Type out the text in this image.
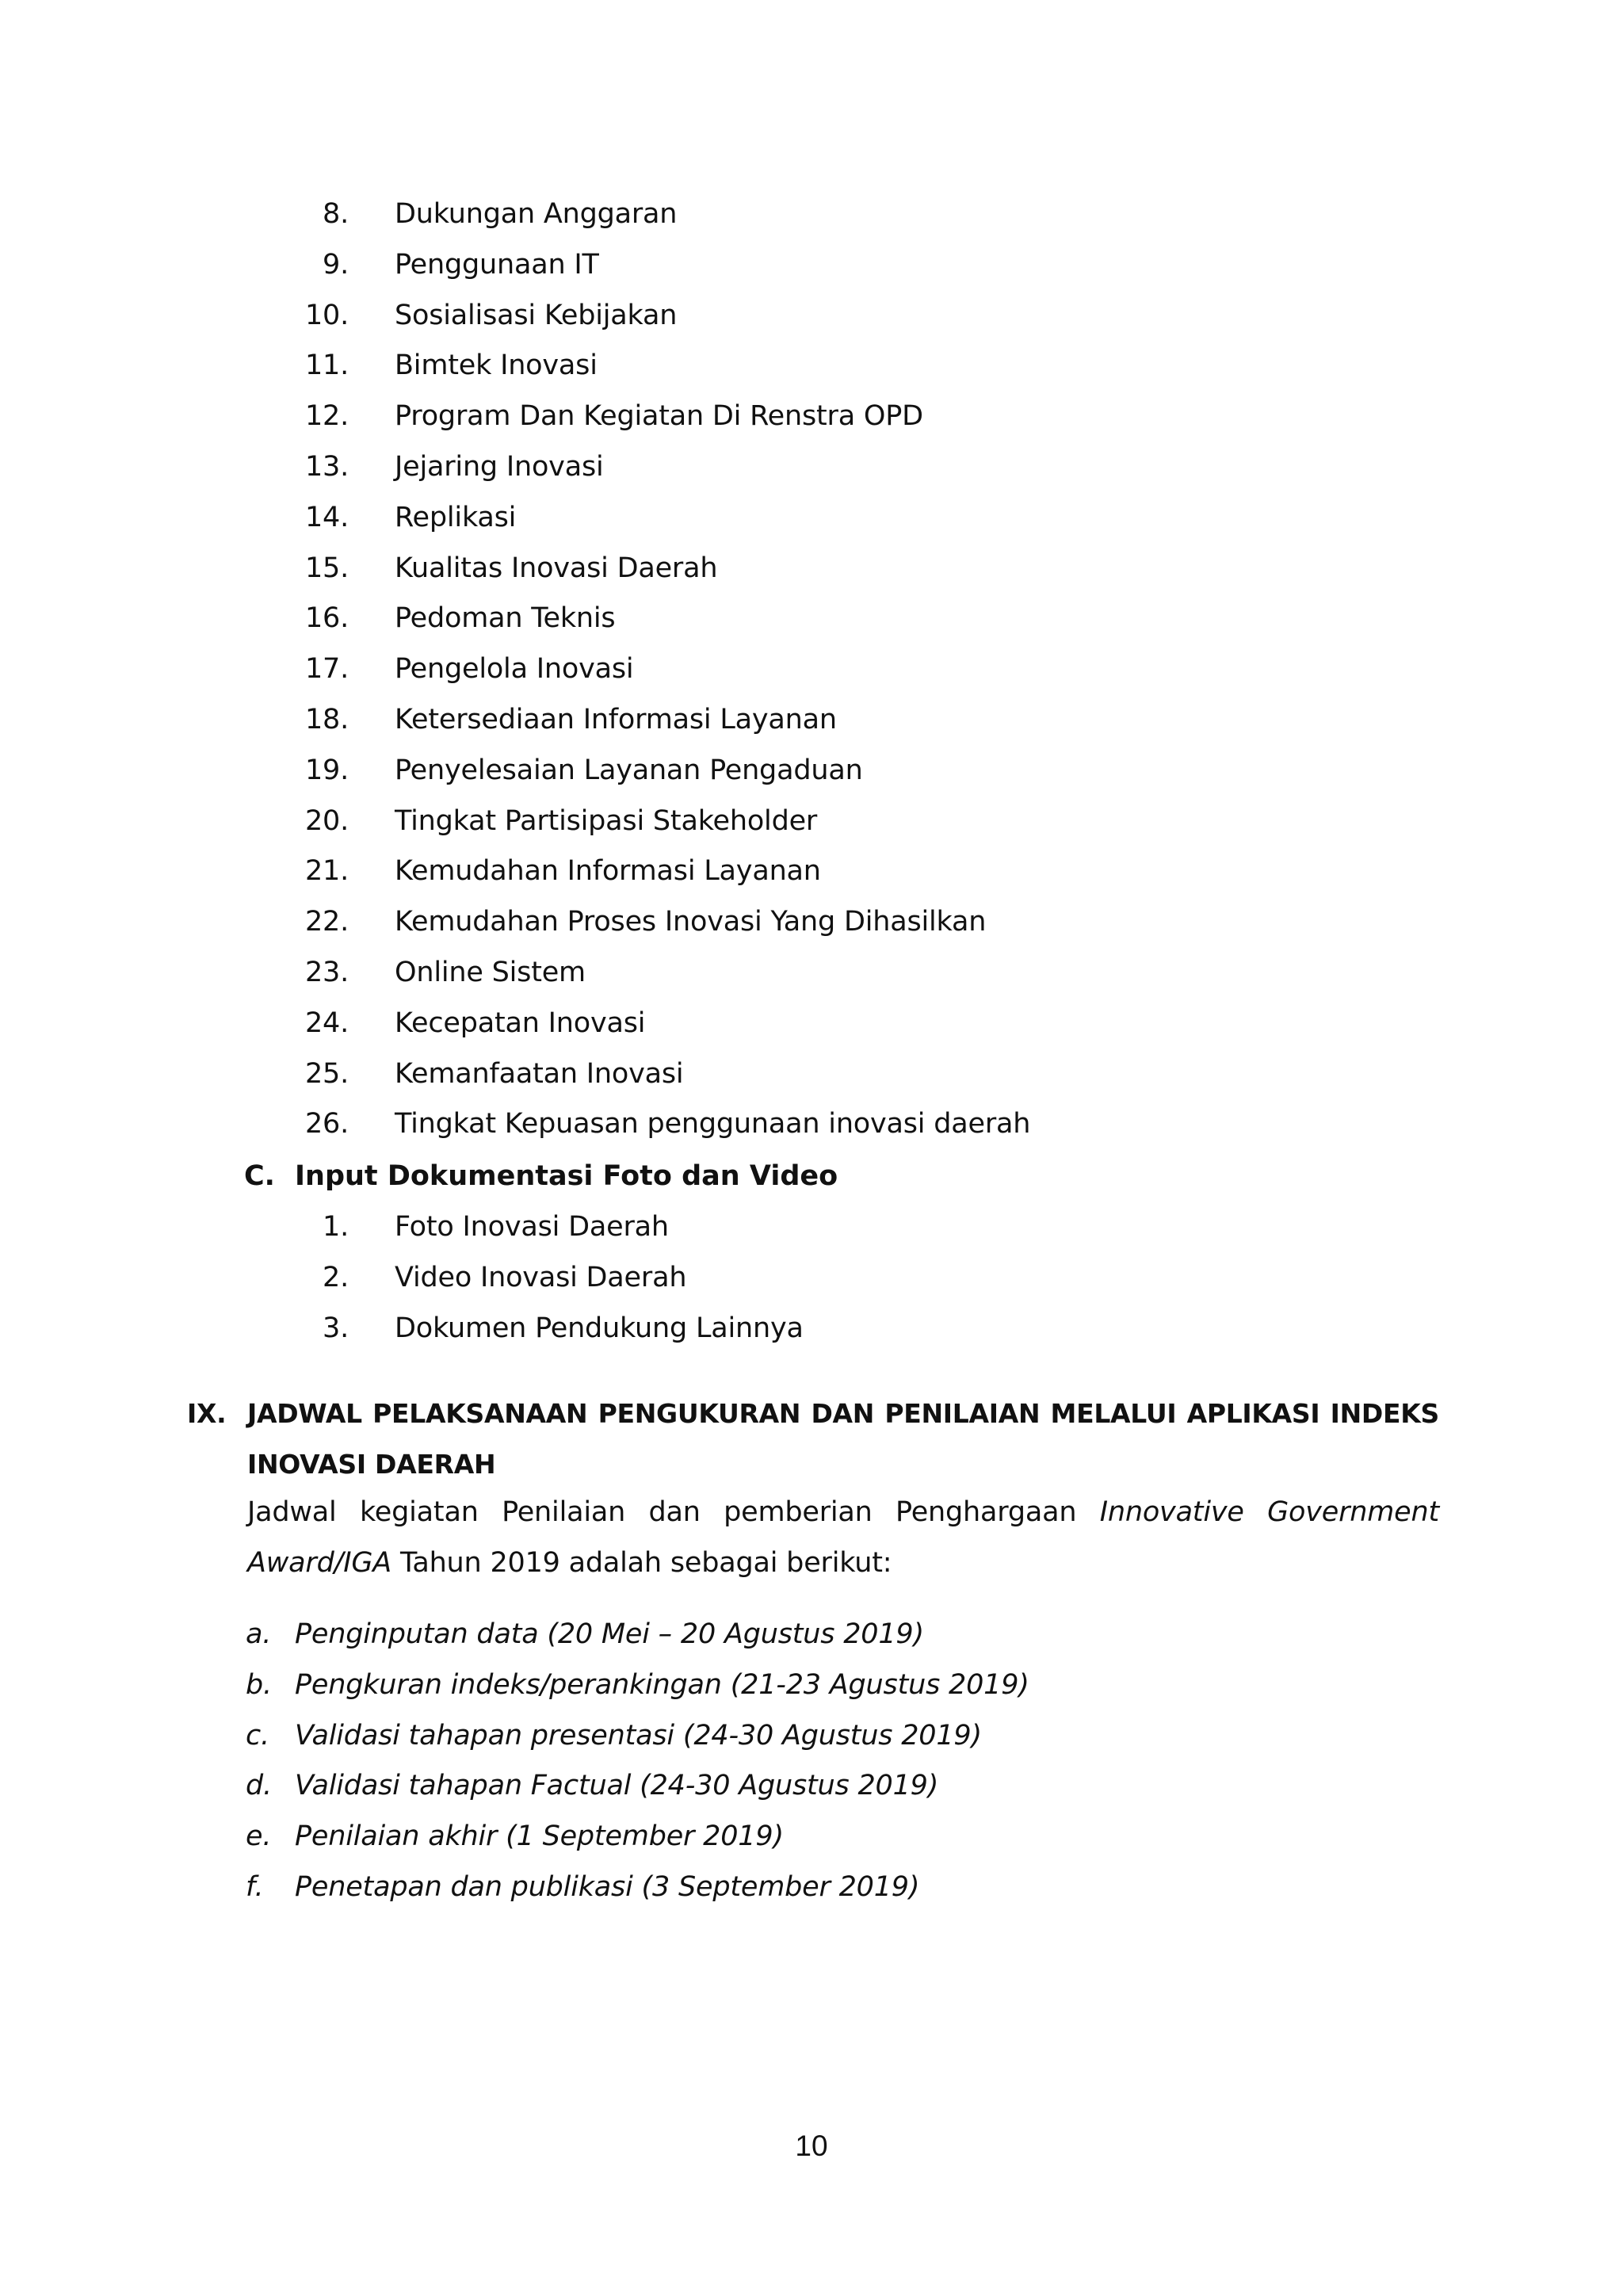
8. Dukungan Anggaran
9. Penggunaan IT
10. Sosialisasi Kebijakan
11. Bimtek Inovasi
12. Program Dan Kegiatan Di Renstra OPD
13. Jejaring Inovasi
14. Replikasi
15. Kualitas Inovasi Daerah
16. Pedoman Teknis
17. Pengelola Inovasi
18. Ketersediaan Informasi Layanan
19. Penyelesaian Layanan Pengaduan
20. Tingkat Partisipasi Stakeholder
21. Kemudahan Informasi Layanan
22. Kemudahan Proses Inovasi Yang Dihasilkan
23. Online Sistem
24. Kecepatan Inovasi
25. Kemanfaatan Inovasi
26. Tingkat Kepuasan penggunaan inovasi daerah
C. Input Dokumentasi Foto dan Video
1. Foto Inovasi Daerah
2. Video Inovasi Daerah
3. Dokumen Pendukung Lainnya
IX. JADWAL PELAKSANAAN PENGUKURAN DAN PENILAIAN MELALUI APLIKASI INDEKS INOVASI DAERAH
Jadwal kegiatan Penilaian dan pemberian Penghargaan Innovative Government
Award/IGA Tahun 2019 adalah sebagai berikut:
a. Penginputan data (20 Mei – 20 Agustus 2019)
b. Pengkuran indeks/perankingan (21-23 Agustus 2019)
c. Validasi tahapan presentasi (24-30 Agustus 2019)
d. Validasi tahapan Factual (24-30 Agustus 2019)
e. Penilaian akhir (1 September 2019)
f. Penetapan dan publikasi (3 September 2019)
10
